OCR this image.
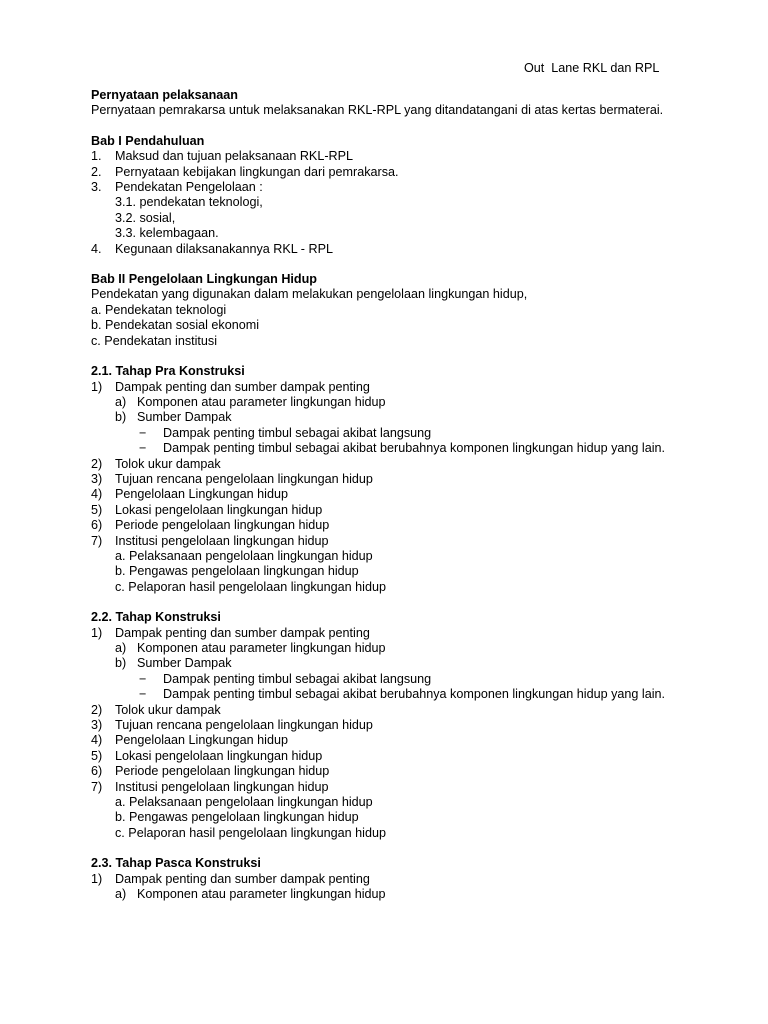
Out  Lane RKL dan RPL
Pernyataan pelaksanaan

Pernyataan pemrakarsa untuk melaksanakan RKL-RPL yang ditandatangani di atas kertas bermaterai.

Bab I Pendahuluan
1.	Maksud dan tujuan pelaksanaan RKL-RPL
2.	Pernyataan kebijakan lingkungan dari pemrakarsa.
3.	Pendekatan Pengelolaan :
3.1. pendekatan teknologi,
3.2. sosial,
3.3. kelembagaan.
4.	Kegunaan dilaksanakannya RKL - RPL
Bab II Pengelolaan Lingkungan Hidup

Pendekatan yang digunakan dalam melakukan pengelolaan lingkungan hidup,

a. Pendekatan teknologi
b. Pendekatan sosial ekonomi
c. Pendekatan institusi
2.1. Tahap Pra Konstruksi
1)	Dampak penting dan sumber dampak penting
a) Komponen atau parameter lingkungan hidup
b) Sumber Dampak
−	Dampak penting timbul sebagai akibat langsung
−	Dampak penting timbul sebagai akibat berubahnya komponen lingkungan hidup yang lain.
2)	Tolok ukur dampak
3)	Tujuan rencana pengelolaan lingkungan hidup
4)	Pengelolaan Lingkungan hidup
5)	Lokasi pengelolaan lingkungan hidup
6)	Periode pengelolaan lingkungan hidup
7)	Institusi pengelolaan lingkungan hidup
a. Pelaksanaan pengelolaan lingkungan hidup
b. Pengawas pengelolaan lingkungan hidup
c. Pelaporan hasil pengelolaan lingkungan hidup
2.2. Tahap Konstruksi
1)	Dampak penting dan sumber dampak penting
a) Komponen atau parameter lingkungan hidup
b) Sumber Dampak
−	Dampak penting timbul sebagai akibat langsung
−	Dampak penting timbul sebagai akibat berubahnya komponen lingkungan hidup yang lain.
2)	Tolok ukur dampak
3)	Tujuan rencana pengelolaan lingkungan hidup
4)	Pengelolaan Lingkungan hidup
5)	Lokasi pengelolaan lingkungan hidup
6)	Periode pengelolaan lingkungan hidup
7)	Institusi pengelolaan lingkungan hidup
a. Pelaksanaan pengelolaan lingkungan hidup
b. Pengawas pengelolaan lingkungan hidup
c. Pelaporan hasil pengelolaan lingkungan hidup
2.3. Tahap Pasca Konstruksi
1)	Dampak penting dan sumber dampak penting
a) Komponen atau parameter lingkungan hidup
